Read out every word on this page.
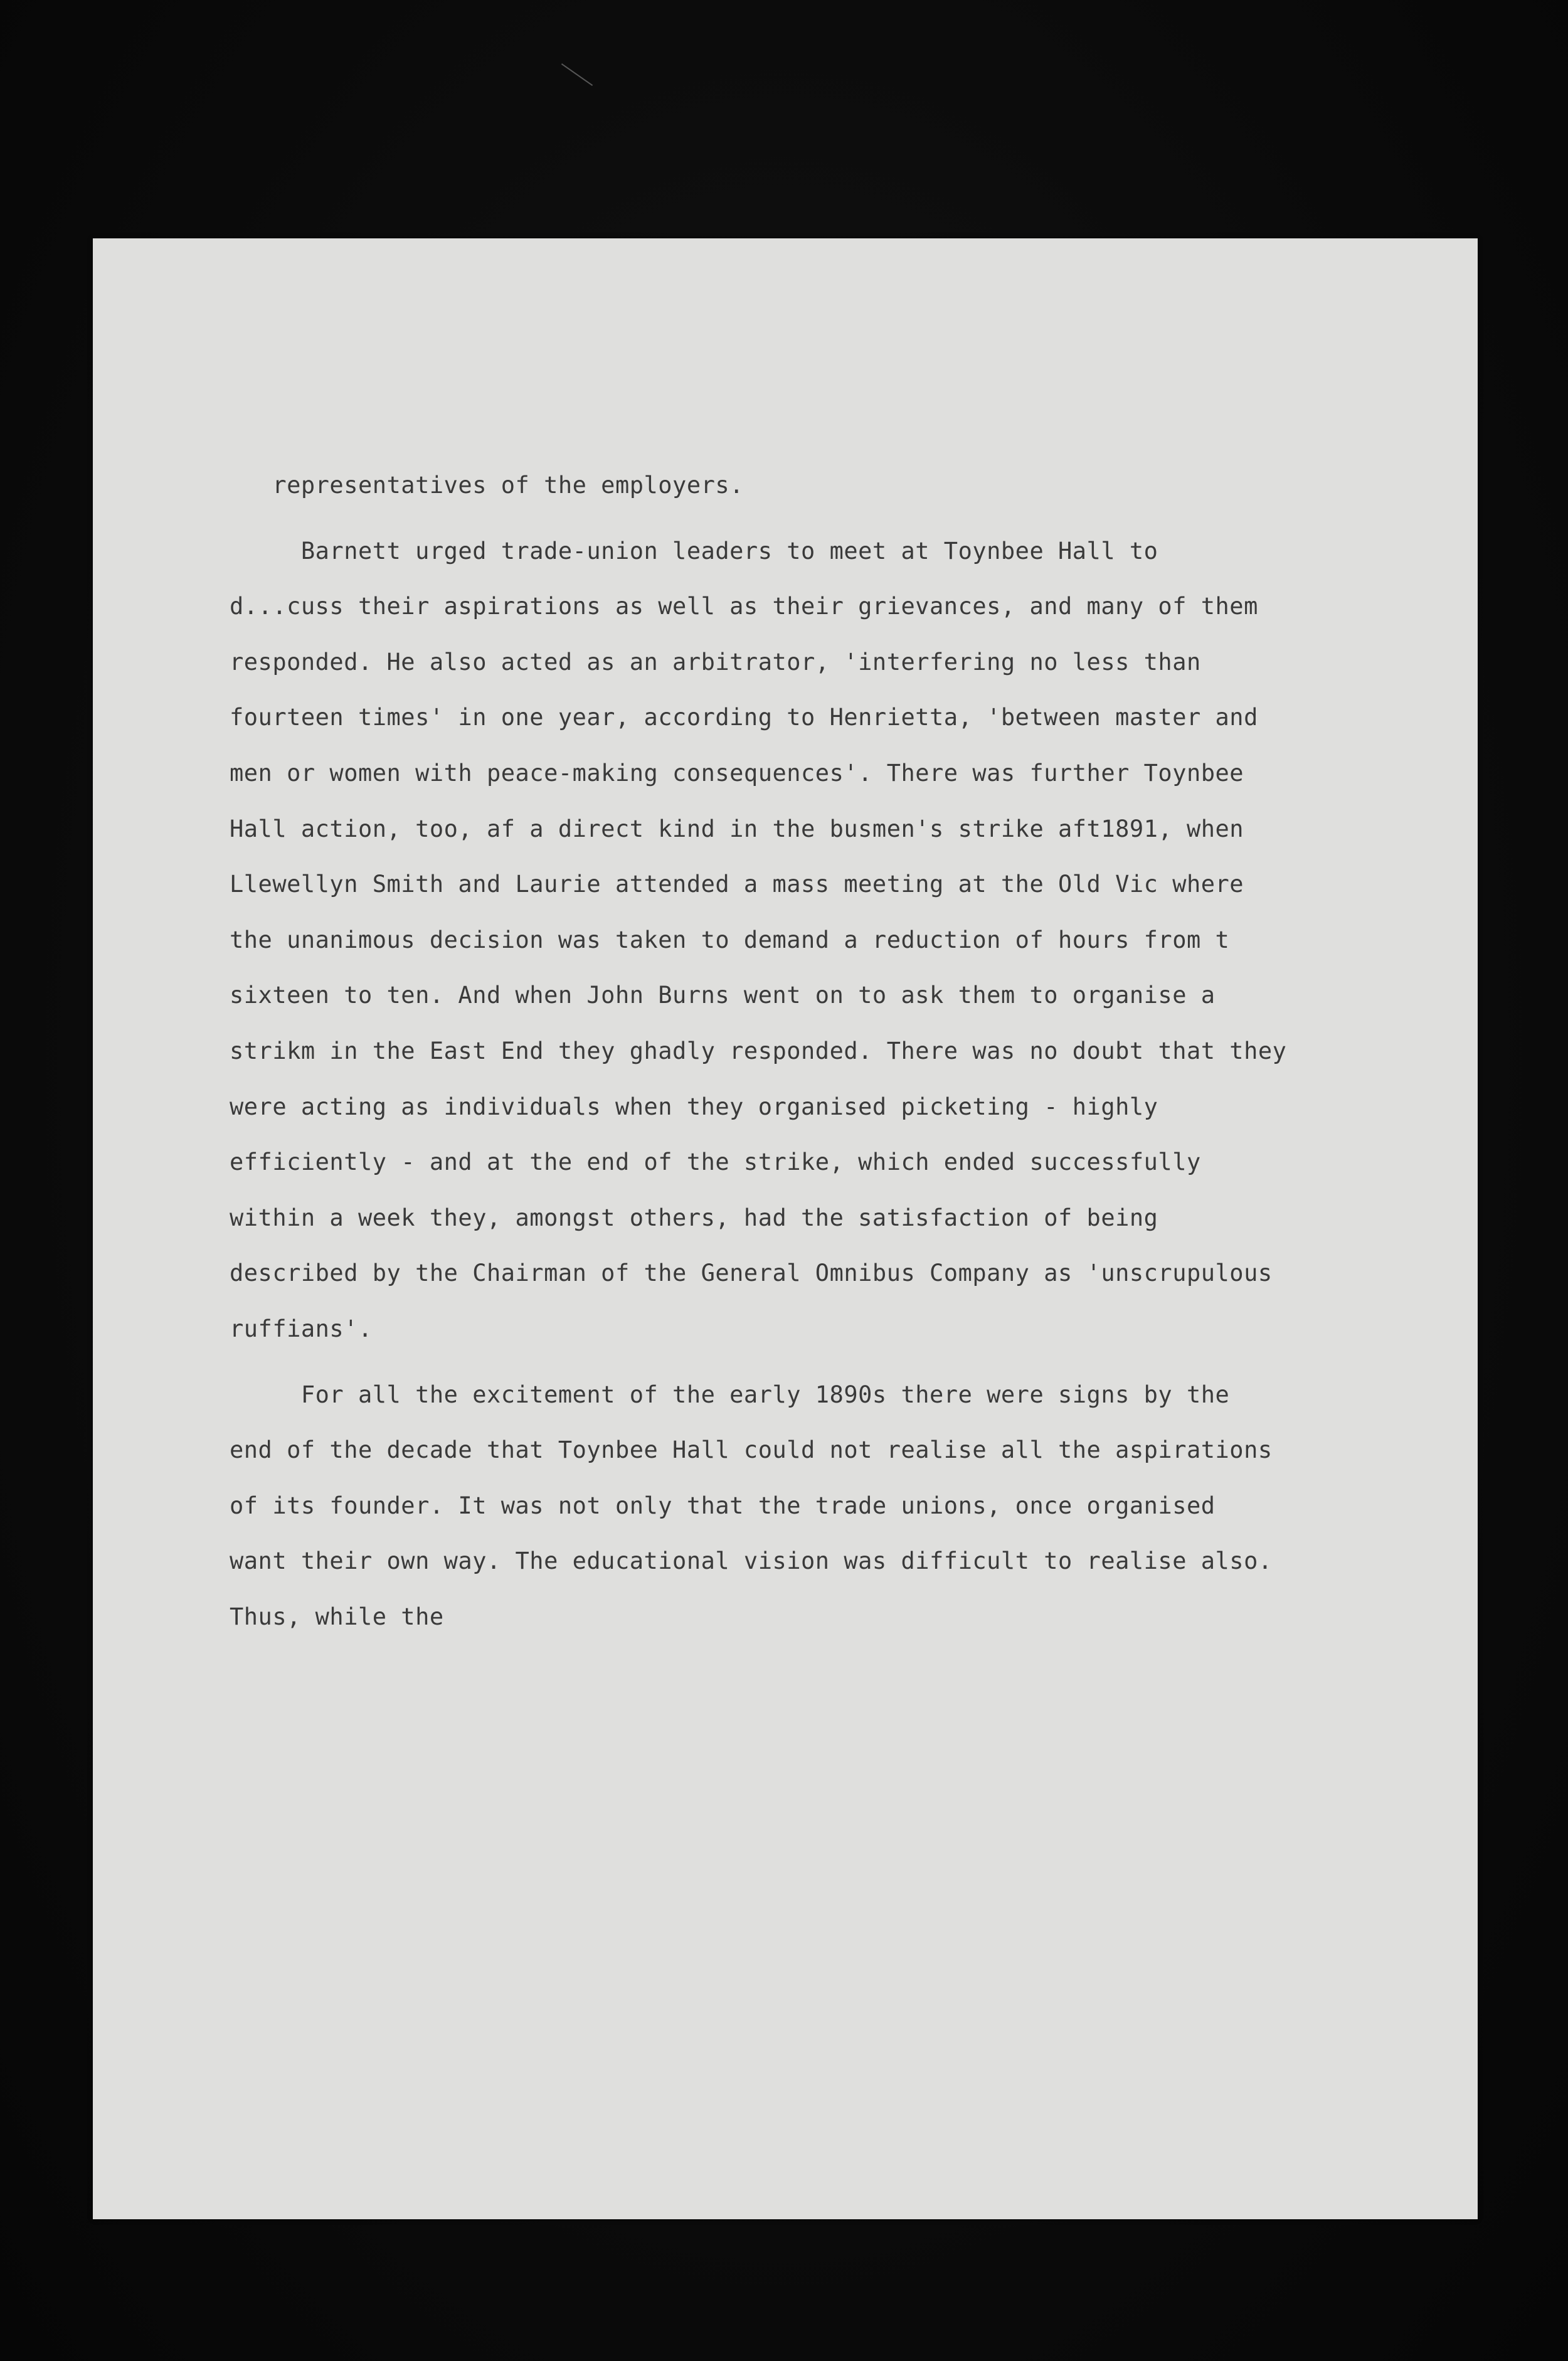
representatives of the employers.
Barnett urged trade-union leaders to meet at Toynbee Hall to
d...cuss their aspirations as well as their grievances, and many of them
responded. He also acted as an arbitrator, 'interfering no less than
fourteen times' in one year, according to Henrietta, 'between master and
men or women with peace-making consequences'. There was further Toynbee
Hall action, too, af a direct kind in the busmen's strike aft1891, when
Llewellyn Smith and Laurie attended a mass meeting at the Old Vic where
the unanimous decision was taken to demand a reduction of hours from t
sixteen to ten. And when John Burns went on to ask them to organise a
strikm in the East End they ghadly responded. There was no doubt that they
were acting as individuals when they organised picketing - highly
efficiently - and at the end of the strike, which ended successfully
within a week they, amongst others, had the satisfaction of being
described by the Chairman of the General Omnibus Company as 'unscrupulous
ruffians'.
For all the excitement of the early 1890s there were signs by the
end of the decade that Toynbee Hall could not realise all the aspirations
of its founder. It was not only that the trade unions, once organised
want their own way. The educational vision was difficult to realise also.
Thus, while the
